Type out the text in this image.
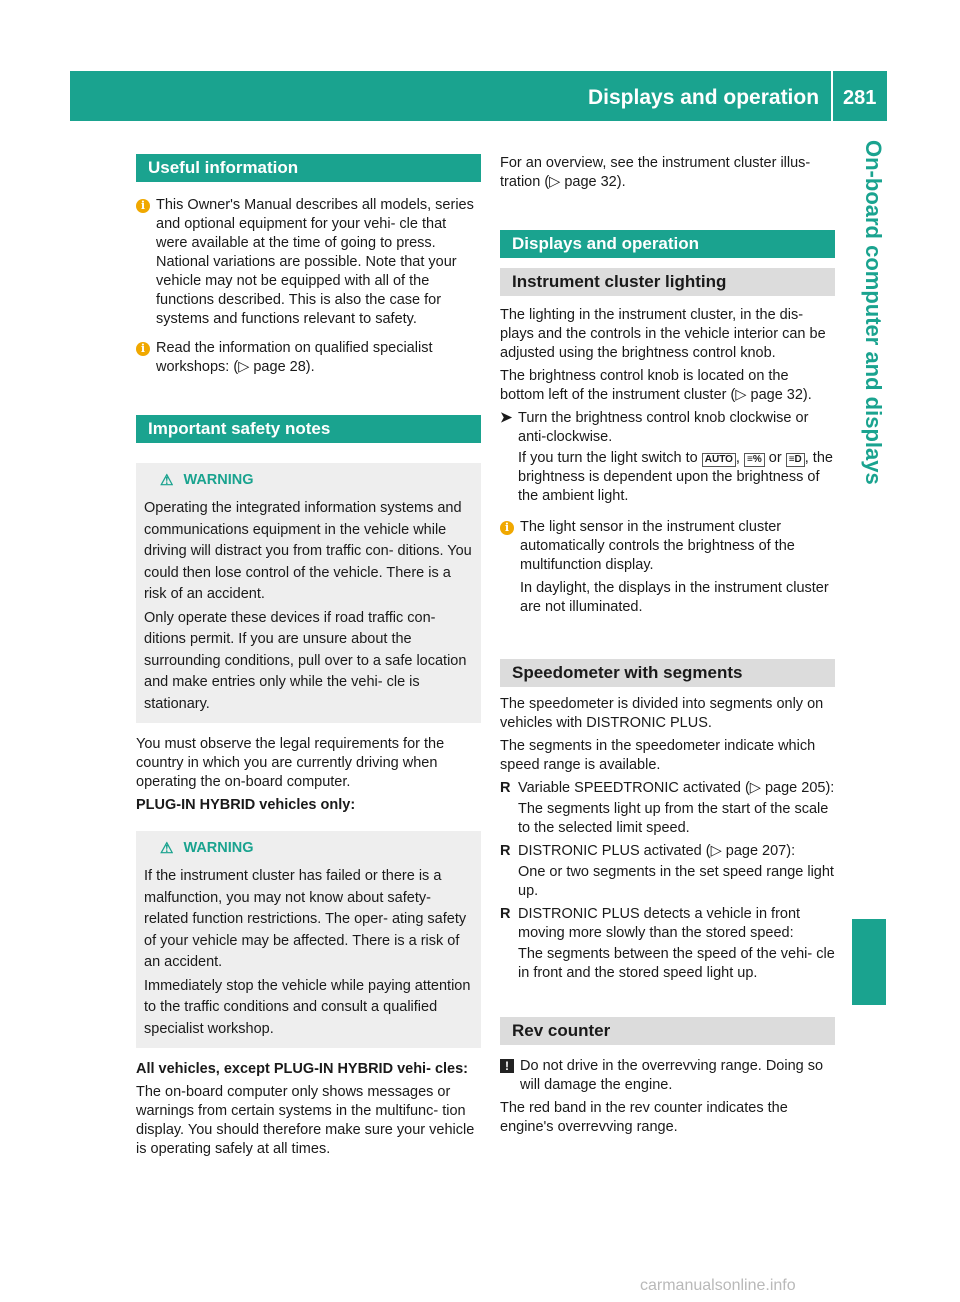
Displays and operation 281
On-board computer and displays
Useful information
i This Owner's Manual describes all models, series and optional equipment for your vehi- cle that were available at the time of going to press. National variations are possible. Note that your vehicle may not be equipped with all of the functions described. This is also the case for systems and functions relevant to safety.
i Read the information on qualified specialist workshops: (▷ page 28).
Important safety notes
⚠ WARNING

Operating the integrated information systems and communications equipment in the vehicle while driving will distract you from traffic con- ditions. You could then lose control of the vehicle. There is a risk of an accident.

Only operate these devices if road traffic con- ditions permit. If you are unsure about the surrounding conditions, pull over to a safe location and make entries only while the vehi- cle is stationary.

You must observe the legal requirements for the country in which you are currently driving when operating the on-board computer.

PLUG-IN HYBRID vehicles only:

⚠ WARNING

If the instrument cluster has failed or there is a malfunction, you may not know about safety-related function restrictions. The oper- ating safety of your vehicle may be affected. There is a risk of an accident.

Immediately stop the vehicle while paying attention to the traffic conditions and consult a qualified specialist workshop.

All vehicles, except PLUG-IN HYBRID vehi- cles:

The on-board computer only shows messages or warnings from certain systems in the multifunc- tion display. You should therefore make sure your vehicle is operating safely at all times.

For an overview, see the instrument cluster illus- tration (▷ page 32).

Displays and operation
Instrument cluster lighting

The lighting in the instrument cluster, in the dis- plays and the controls in the vehicle interior can be adjusted using the brightness control knob.

The brightness control knob is located on the bottom left of the instrument cluster (▷ page 32).

➤ Turn the brightness control knob clockwise or anti-clockwise.

If you turn the light switch to AUTO , ≡% or ≡D , the brightness is dependent upon the brightness of the ambient light.

i The light sensor in the instrument cluster automatically controls the brightness of the multifunction display.

In daylight, the displays in the instrument cluster are not illuminated.

Speedometer with segments

The speedometer is divided into segments only on vehicles with DISTRONIC PLUS.

The segments in the speedometer indicate which speed range is available.

R Variable SPEEDTRONIC activated (▷ page 205):

The segments light up from the start of the scale to the selected limit speed.

R DISTRONIC PLUS activated (▷ page 207):

One or two segments in the set speed range light up.

R DISTRONIC PLUS detects a vehicle in front moving more slowly than the stored speed:

The segments between the speed of the vehi- cle in front and the stored speed light up.

Rev counter
! Do not drive in the overrevving range. Doing so will damage the engine.

The red band in the rev counter indicates the engine's overrevving range.

carmanualsonline.info
